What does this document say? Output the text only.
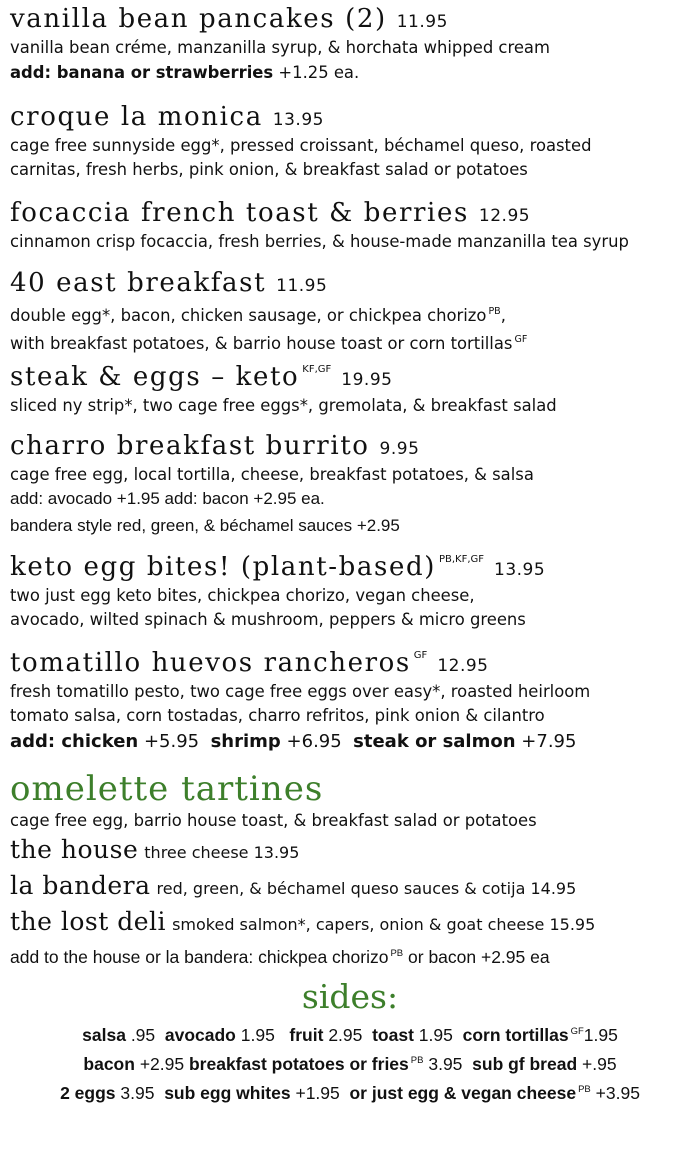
vanilla bean pancakes (2) 11.95
vanilla bean créme, manzanilla syrup, & horchata whipped cream
add: banana or strawberries +1.25 ea.
croque la monica 13.95
cage free sunnyside egg*, pressed croissant, béchamel queso, roasted
carnitas, fresh herbs, pink onion, & breakfast salad or potatoes
focaccia french toast & berries 12.95
cinnamon crisp focaccia, fresh berries, & house-made manzanilla tea syrup
40 east breakfast 11.95
double egg*, bacon, chicken sausage, or chickpea chorizo $^{PB}$,
with breakfast potatoes, & barrio house toast or corn tortillas $^{GF}$
steak & eggs – keto $^{KF,GF}$19.95
sliced ny strip*, two cage free eggs*, gremolata, & breakfast salad
charro breakfast burrito 9.95
cage free egg, local tortilla, cheese, breakfast potatoes, & salsa
add: avocado +1.95 add: bacon +2.95 ea.
bandera style red, green, & béchamel sauces +2.95
keto egg bites! (plant-based) $^{PB,KF,GF}$13.95
two just egg keto bites, chickpea chorizo, vegan cheese,
avocado, wilted spinach & mushroom, peppers & micro greens
tomatillo huevos rancheros $^{GF}$12.95
fresh tomatillo pesto, two cage free eggs over easy*, roasted heirloom
tomato salsa, corn tostadas, charro refritos, pink onion & cilantro
add: chicken +5.95 shrimp +6.95 steak or salmon +7.95
omelette tartines
cage free egg, barrio house toast, & breakfast salad or potatoes
the house three cheese 13.95
la bandera red, green, & béchamel queso sauces & cotija 14.95
the lost deli smoked salmon*, capers, onion & goat cheese 15.95
add to the house or la bandera: chickpea chorizo $^{PB}$ or bacon +2.95 ea
sides:
salsa .95 avocado 1.95 fruit 2.95 toast 1.95 corn tortillas $^{GF}$1.95
bacon +2.95 breakfast potatoes or fries $^{PB}$ 3.95 sub gf bread +.95
2 eggs 3.95 sub egg whites +1.95 or just egg & vegan cheese $^{PB}$ +3.95
